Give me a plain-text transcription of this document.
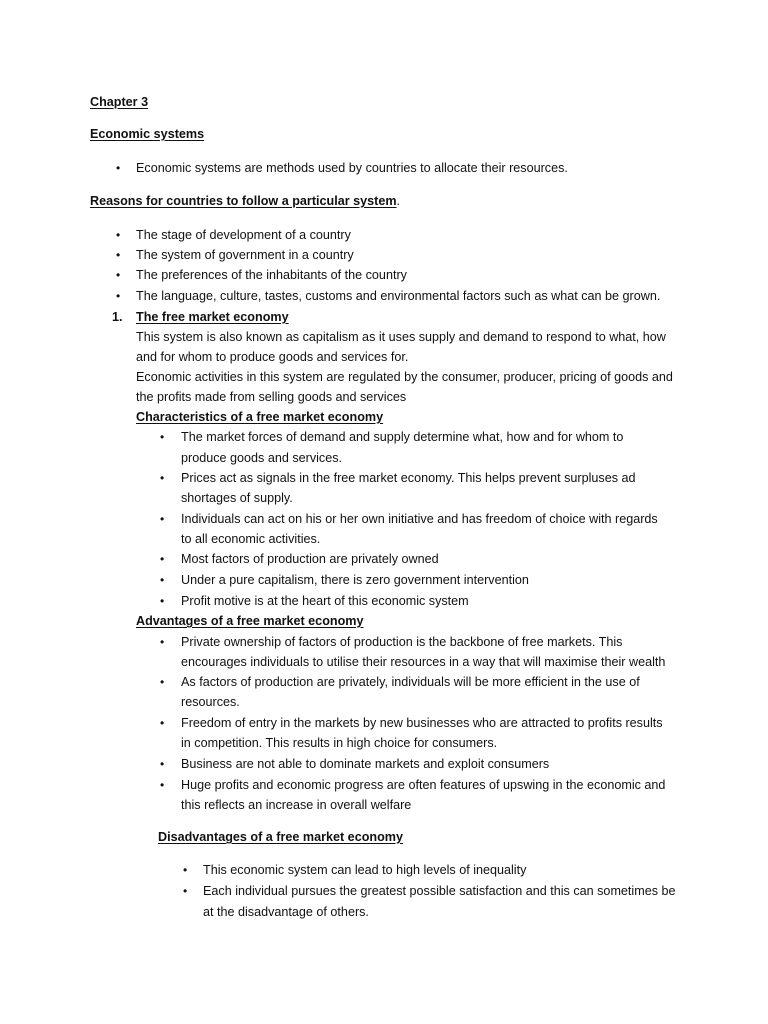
Chapter 3
Economic systems
• Economic systems are methods used by countries to allocate their resources.
Reasons for countries to follow a particular system.
• The stage of development of a country
• The system of government in a country
• The preferences of the inhabitants of the country
• The language, culture, tastes, customs and environmental factors such as what can be grown.
1. The free market economy
This system is also known as capitalism as it uses supply and demand to respond to what, how
and for whom to produce goods and services for.
Economic activities in this system are regulated by the consumer, producer, pricing of goods and
the profits made from selling goods and services
Characteristics of a free market economy
• The market forces of demand and supply determine what, how and for whom to
produce goods and services.
• Prices act as signals in the free market economy. This helps prevent surpluses ad
shortages of supply.
• Individuals can act on his or her own initiative and has freedom of choice with regards
to all economic activities.
• Most factors of production are privately owned
• Under a pure capitalism, there is zero government intervention
• Profit motive is at the heart of this economic system
Advantages of a free market economy
• Private ownership of factors of production is the backbone of free markets. This
encourages individuals to utilise their resources in a way that will maximise their wealth
• As factors of production are privately, individuals will be more efficient in the use of
resources.
• Freedom of entry in the markets by new businesses who are attracted to profits results
in competition. This results in high choice for consumers.
• Business are not able to dominate markets and exploit consumers
• Huge profits and economic progress are often features of upswing in the economic and
this reflects an increase in overall welfare
Disadvantages of a free market economy
• This economic system can lead to high levels of inequality
• Each individual pursues the greatest possible satisfaction and this can sometimes be
at the disadvantage of others.
